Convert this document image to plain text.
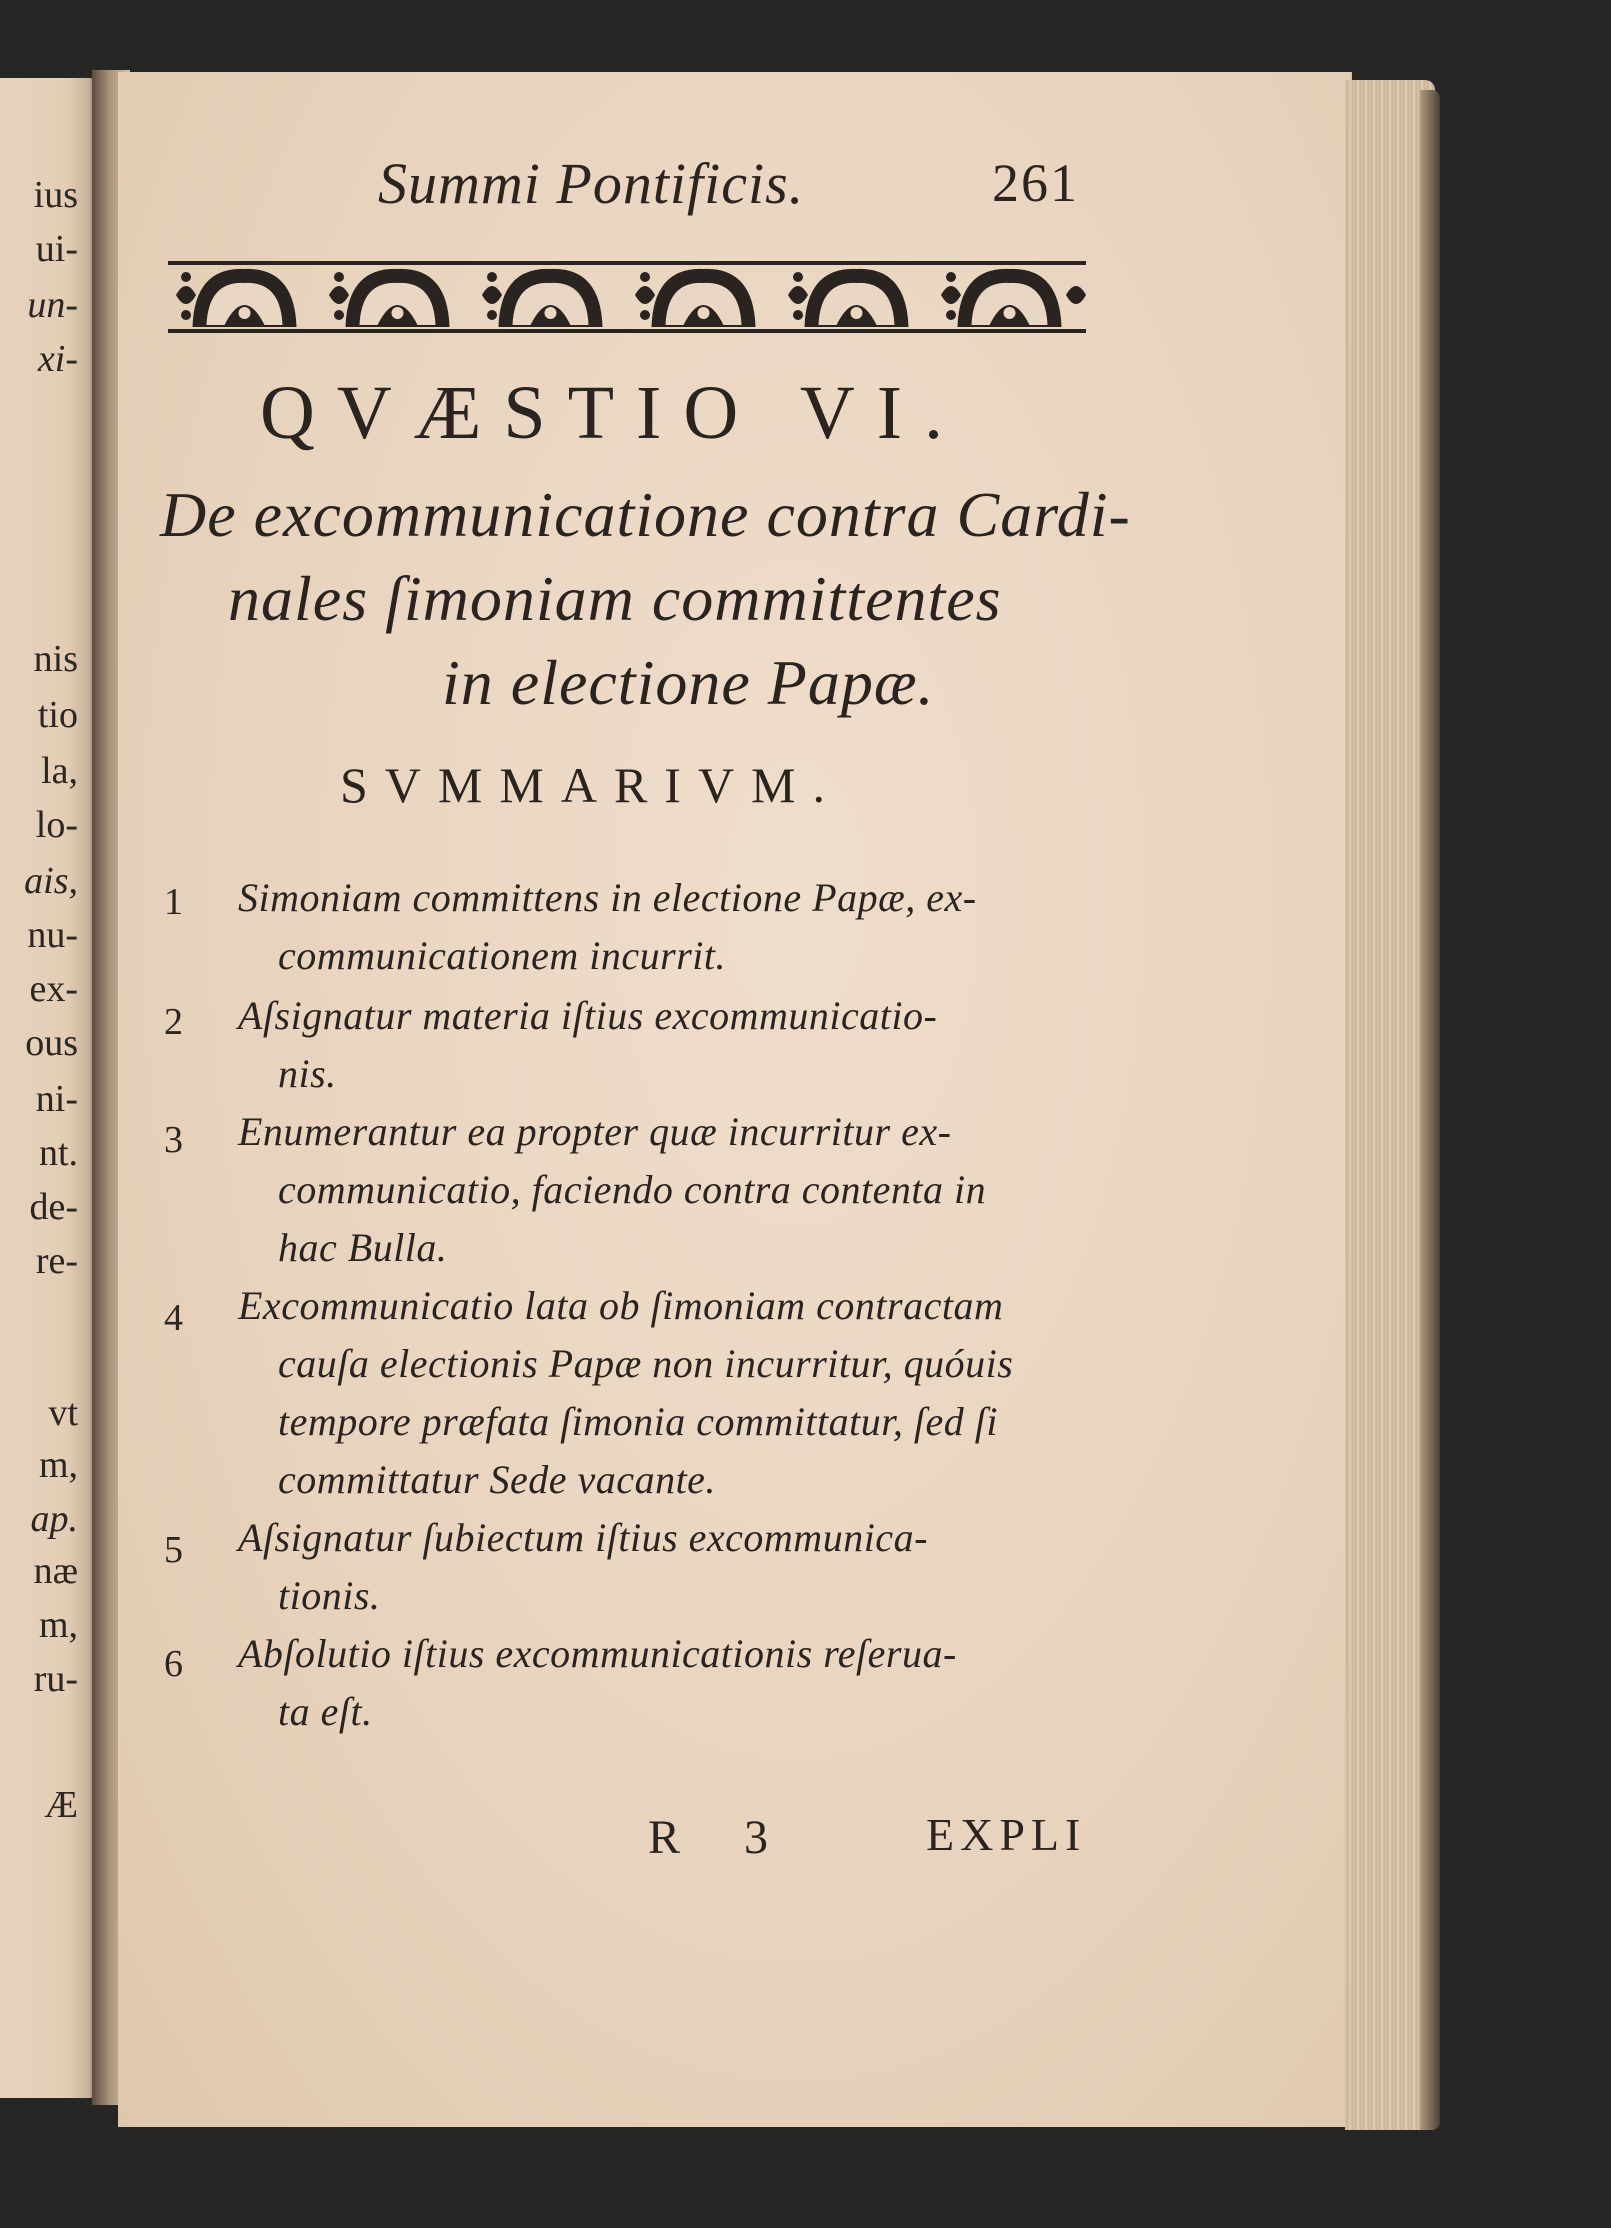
ius
ui-
un-
xi-
nis
tio
la,
lo-
ais,
nu-
ex-
ous
ni-
nt.
de-
re-
vt
m,
ap.
næ
m,
ru-
Æ
Summi Pontificis.	261
QVÆSTIO VI.
De excommunicatione contra Cardi-
nales ſimoniam committentes
in electione Papæ.
SVMMARIVM.
1 Simoniam committens in electione Papæ, ex-
communicationem incurrit.
2 Aſsignatur materia iſtius excommunicatio-
nis.
3 Enumerantur ea propter quæ incurritur ex-
communicatio, faciendo contra contenta in
hac Bulla.
4 Excommunicatio lata ob ſimoniam contractam
cauſa electionis Papæ non incurritur, quóuis
tempore præfata ſimonia committatur, ſed ſi
committatur Sede vacante.
5 Aſsignatur ſubiectum iſtius excommunica-
tionis.
6 Abſolutio iſtius excommunicationis reſerua-
ta eſt.
R 3	EXPLI
